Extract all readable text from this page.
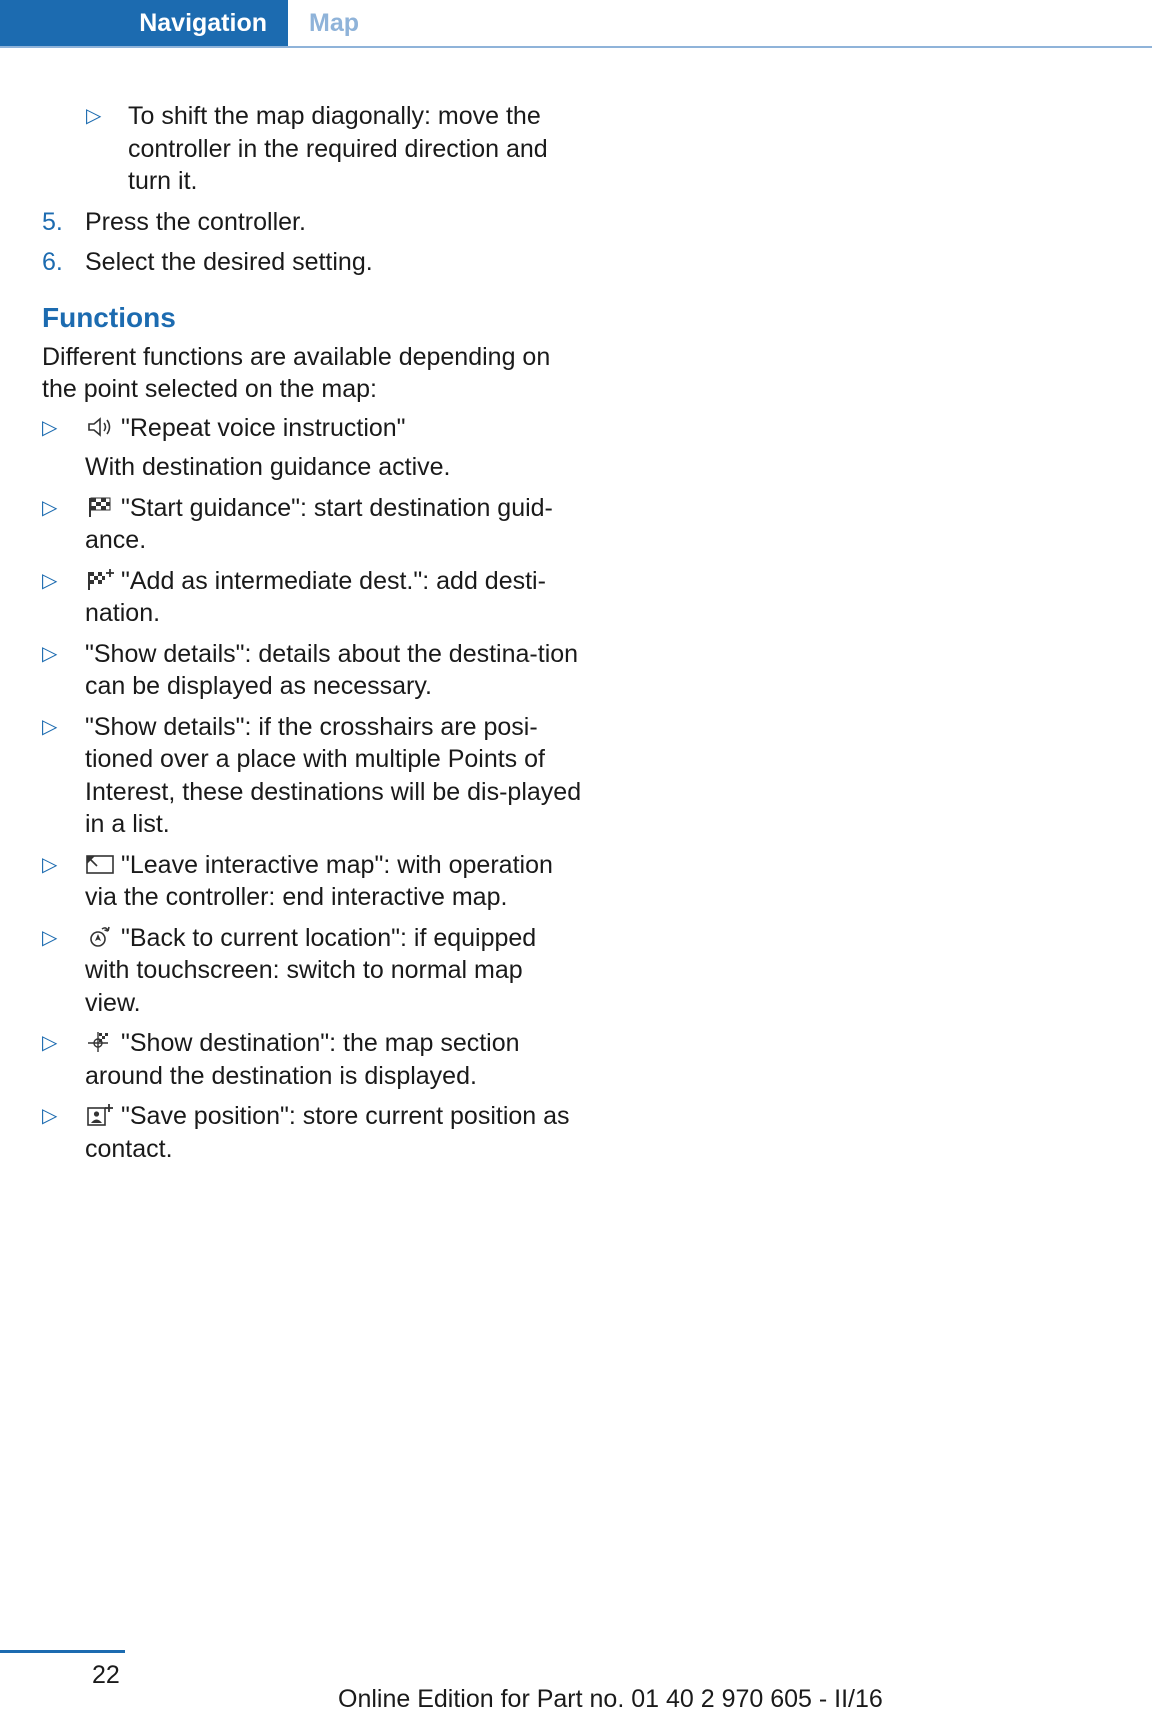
Navigation	Map
▷	To shift the map diagonally: move the controller in the required direction and turn it.
5. Press the controller.
6. Select the desired setting.
Functions
Different functions are available depending on the point selected on the map:
▷	"Repeat voice instruction"
With destination guidance active.
▷	"Start guidance": start destination guid-ance.
▷	"Add as intermediate dest.": add desti-nation.
▷	"Show details": details about the destina-tion can be displayed as necessary.
▷	"Show details": if the crosshairs are posi-tioned over a place with multiple Points of Interest, these destinations will be dis-played in a list.
▷	"Leave interactive map": with operation via the controller: end interactive map.
▷	"Back to current location": if equipped with touchscreen: switch to normal map view.
▷	"Show destination": the map section around the destination is displayed.
▷	"Save position": store current position as contact.
22
Online Edition for Part no. 01 40 2 970 605 - II/16
